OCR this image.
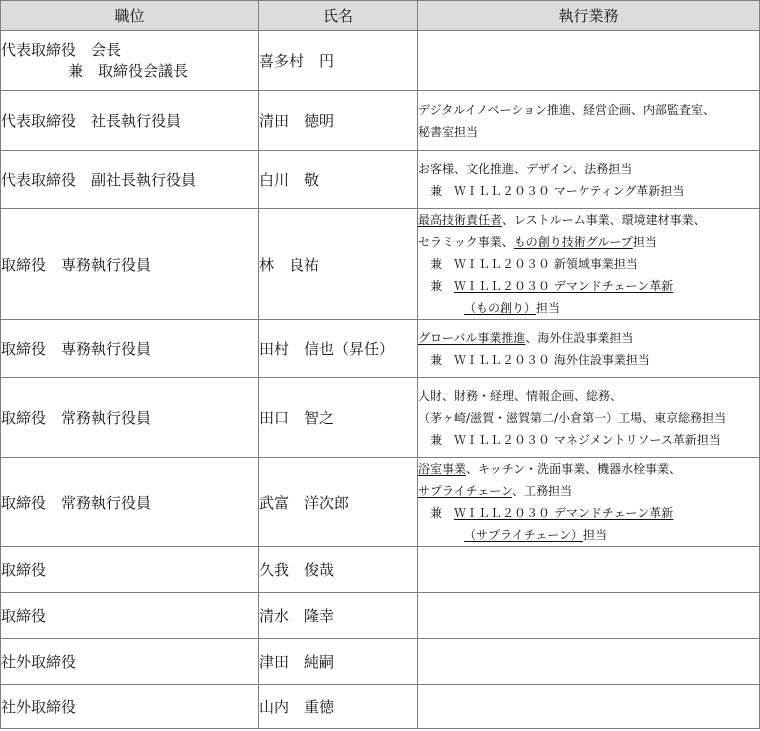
職位	氏名	執行業務

代表取締役　会長
兼　取締役会議長	喜多村　円	
代表取締役　社長執行役員	清田　徳明	デジタルイノベーション推進、経営企画、内部監査室、
秘書室担当

代表取締役　副社長執行役員	白川　敬	お客様、文化推進、デザイン、法務担当
兼　ＷＩＬＬ２０３０ マーケティング革新担当

取締役　専務執行役員	林　良祐	最高技術責任者、レストルーム事業、環境建材事業、
セラミック事業、もの創り技術グループ担当
兼　ＷＩＬＬ２０３０ 新領域事業担当
兼　ＷＩＬＬ２０３０ デマンドチェーン革新
（もの創り）担当

取締役　専務執行役員	田村　信也（昇任）	グローバル事業推進、海外住設事業担当
兼　ＷＩＬＬ２０３０ 海外住設事業担当

取締役　常務執行役員	田口　智之	人財、財務・経理、情報企画、総務、
（茅ヶ崎/滋賀・滋賀第二/小倉第一）工場、東京総務担当
兼　ＷＩＬＬ２０３０ マネジメントリソース革新担当

取締役　常務執行役員	武富　洋次郎	浴室事業、キッチン・洗面事業、機器水栓事業、
サプライチェーン、工務担当
兼　ＷＩＬＬ２０３０ デマンドチェーン革新
（サプライチェーン）担当

取締役	久我　俊哉	
取締役	清水　隆幸	
社外取締役	津田　純嗣	
社外取締役	山内　重徳	
